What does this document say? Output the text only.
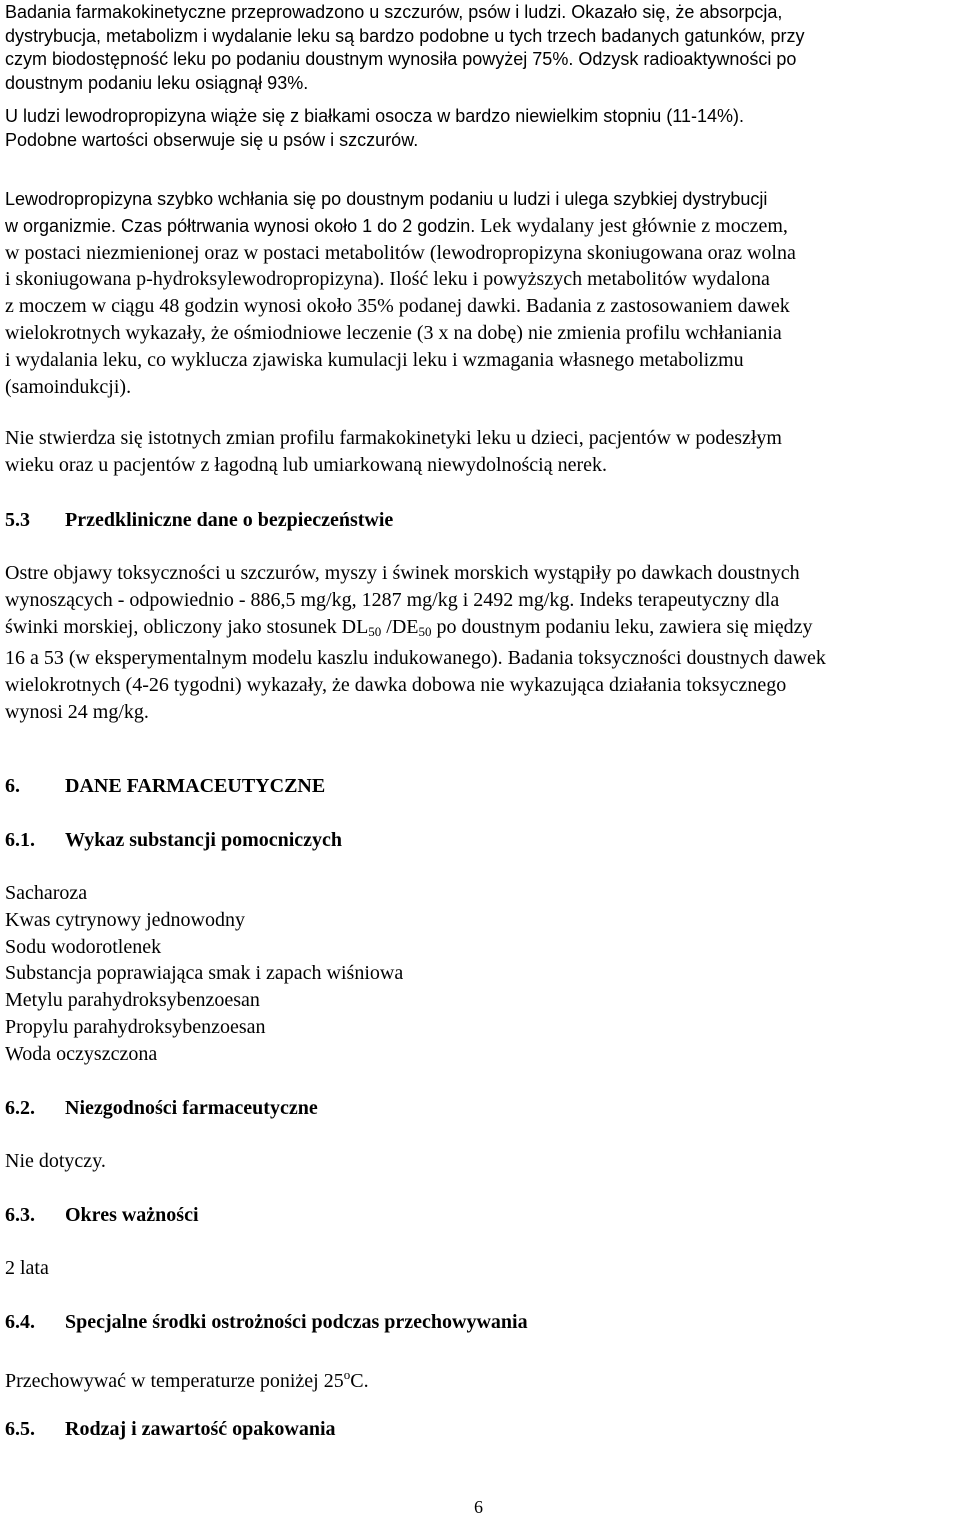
Badania farmakokinetyczne przeprowadzono u szczurów, psów i ludzi. Okazało się, że absorpcja,
dystrybucja, metabolizm i wydalanie leku są bardzo podobne u tych trzech badanych gatunków, przy
czym biodostępność leku po podaniu doustnym wynosiła powyżej 75%. Odzysk radioaktywności po
doustnym podaniu leku osiągnął 93%.

U ludzi lewodropropizyna wiąże się z białkami osocza w bardzo niewielkim stopniu (11-14%).
Podobne wartości obserwuje się u psów i szczurów.

Lewodropropizyna szybko wchłania się po doustnym podaniu u ludzi i ulega szybkiej dystrybucji
w organizmie. Czas półtrwania wynosi około 1 do 2 godzin. Lek wydalany jest głównie z moczem,
w postaci niezmienionej oraz w postaci metabolitów (lewodropropizyna skoniugowana oraz wolna
i skoniugowana p-hydroksylewodropropizyna). Ilość leku i powyższych metabolitów wydalona
z moczem w ciągu 48 godzin wynosi około 35% podanej dawki. Badania z zastosowaniem dawek
wielokrotnych wykazały, że ośmiodniowe leczenie (3 x na dobę) nie zmienia profilu wchłaniania
i wydalania leku, co wyklucza zjawiska kumulacji leku i wzmagania własnego metabolizmu
(samoindukcji).

Nie stwierdza się istotnych zmian profilu farmakokinetyki leku u dzieci, pacjentów w podeszłym
wieku oraz u pacjentów z łagodną lub umiarkowaną niewydolnością nerek.

5.3	Przedkliniczne dane o bezpieczeństwie

Ostre objawy toksyczności u szczurów, myszy i świnek morskich wystąpiły po dawkach doustnych
wynoszących - odpowiednio - 886,5 mg/kg, 1287 mg/kg i 2492 mg/kg. Indeks terapeutyczny dla
świnki morskiej, obliczony jako stosunek $DL_{50}$ $/DE_{50}$ po doustnym podaniu leku, zawiera się między
16 a 53 (w eksperymentalnym modelu kaszlu indukowanego). Badania toksyczności doustnych dawek
wielokrotnych (4-26 tygodni) wykazały, że dawka dobowa nie wykazująca działania toksycznego
wynosi 24 mg/kg.

6.	DANE FARMACEUTYCZNE
6.1.	Wykaz substancji pomocniczych
Sacharoza
Kwas cytrynowy jednowodny
Sodu wodorotlenek
Substancja poprawiająca smak i zapach wiśniowa
Metylu parahydroksybenzoesan
Propylu parahydroksybenzoesan
Woda oczyszczona
6.2.	Niezgodności farmaceutyczne

Nie dotyczy.

6.3.	Okres ważności

2 lata

6.4.	Specjalne środki ostrożności podczas przechowywania

Przechowywać w temperaturze poniżej 25$^o$C.

6.5.	Rodzaj i zawartość opakowania
6
